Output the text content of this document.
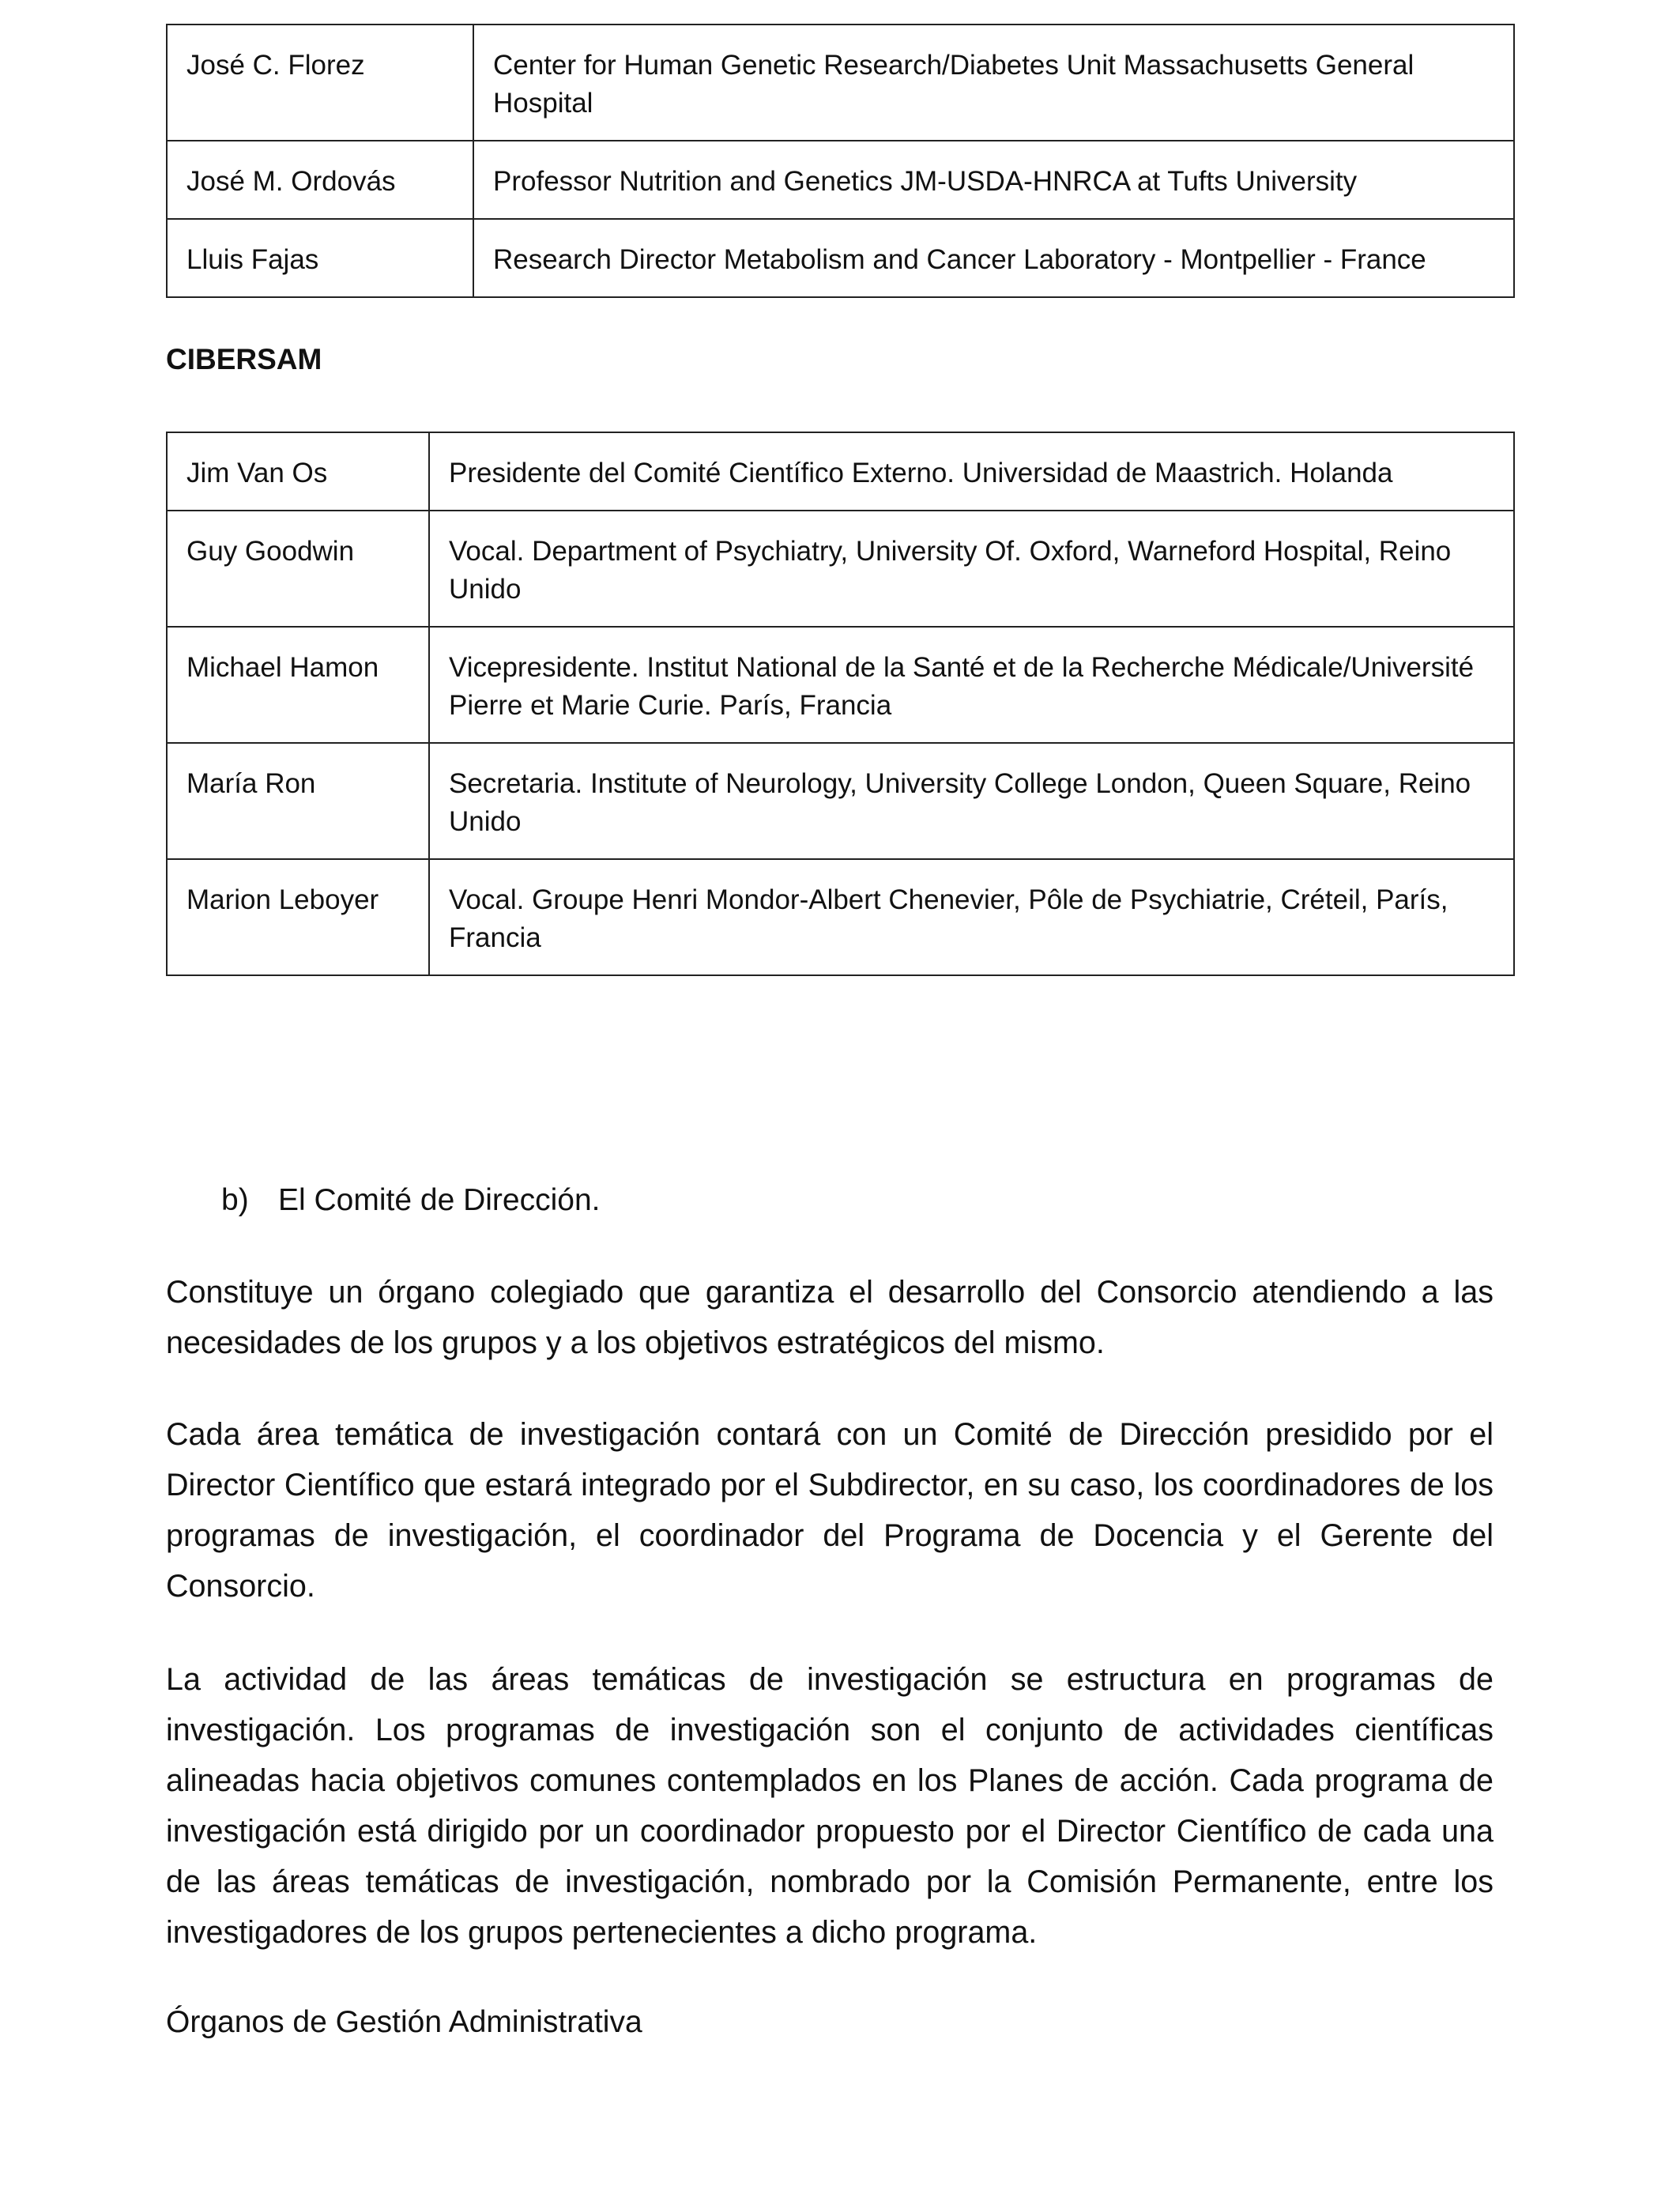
José C. Florez	Center for Human Genetic Research/Diabetes Unit Massachusetts General Hospital
José M. Ordovás	Professor Nutrition and Genetics JM-USDA-HNRCA at Tufts University
Lluis Fajas	Research Director Metabolism and Cancer Laboratory - Montpellier - France
CIBERSAM
Jim Van Os	Presidente del Comité Científico Externo. Universidad de Maastrich. Holanda
Guy Goodwin	Vocal. Department of Psychiatry, University Of. Oxford, Warneford Hospital, Reino Unido
Michael Hamon	Vicepresidente. Institut National de la Santé et de la Recherche Médicale/Université Pierre et Marie Curie. París, Francia
María Ron	Secretaria. Institute of Neurology, University College London, Queen Square, Reino Unido
Marion Leboyer	Vocal. Groupe Henri Mondor-Albert Chenevier, Pôle de Psychiatrie, Créteil, París, Francia
b) El Comité de Dirección.

Constituye un órgano colegiado que garantiza el desarrollo del Consorcio atendiendo a las necesidades de los grupos y a los objetivos estratégicos del mismo.

Cada área temática de investigación contará con un Comité de Dirección presidido por el Director Científico que estará integrado por el Subdirector, en su caso, los coordinadores de los programas de investigación, el coordinador del Programa de Docencia y el Gerente del Consorcio.

La actividad de las áreas temáticas de investigación se estructura en programas de investigación. Los programas de investigación son el conjunto de actividades científicas alineadas hacia objetivos comunes contemplados en los Planes de acción. Cada programa de investigación está dirigido por un coordinador propuesto por el Director Científico de cada una de las áreas temáticas de investigación, nombrado por la Comisión Permanente, entre los investigadores de los grupos pertenecientes a dicho programa.

Órganos de Gestión Administrativa
